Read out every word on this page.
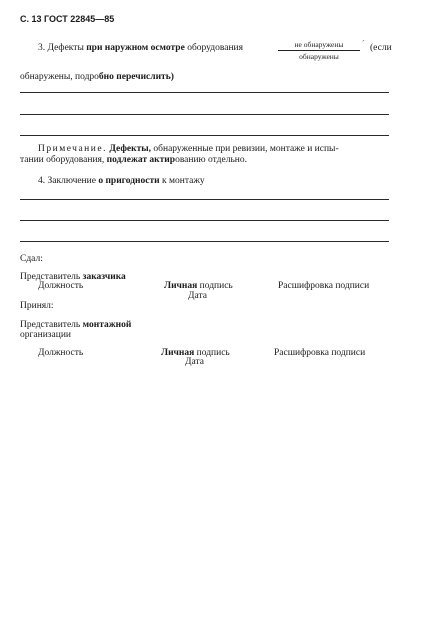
С. 13 ГОСТ 22845—85
3. Дефекты при наружном осмотре оборудования	не обнаружены
обнаружены
´ (если
обнаружены, подробно перечислить)
Примечание. Дефекты, обнаруженные при ревизии, монтаже и испы-
тании оборудования, подлежат актированию отдельно.
4. Заключение о пригодности к монтажу
Сдал:
Представитель заказчика
Должность	Личная подпись
Дата
Расшифровка подписи
Принял:
Представитель монтажной
организации
Должность	Личная подпись
Дата
Расшифровка подписи
